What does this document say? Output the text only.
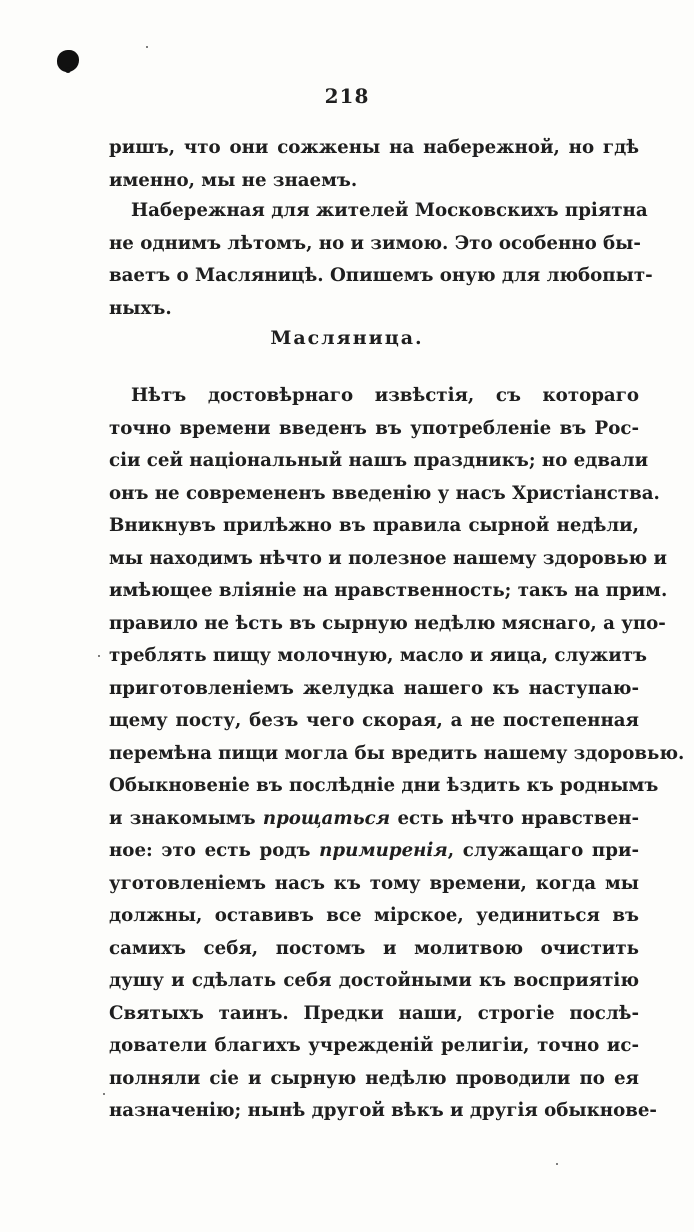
218
ришъ, что они сожжены на набережной, но гдѣ
именно, мы не знаемъ.
Набережная для жителей Московскихъ пріятна
не однимъ лѣтомъ, но и зимою. Это особенно бы-
ваетъ о Масляницѣ. Опишемъ оную для любопыт-
ныхъ.
Масляница.
Нѣтъ достовѣрнаго извѣстія, съ котораго
точно времени введенъ въ употребленіе въ Рос-
сіи сей національный нашъ праздникъ; но едвали
онъ не современенъ введенію у насъ Христіанства.
Вникнувъ прилѣжно въ правила сырной недѣли,
мы находимъ нѣчто и полезное нашему здоровью и
имѣющее вліяніе на нравственность; такъ на прим.
правило не ѣсть въ сырную недѣлю мяснаго, а упо-
треблять пищу молочную, масло и яица, служитъ
приготовленіемъ желудка нашего къ наступаю-
щему посту, безъ чего скорая, а не постепенная
перемѣна пищи могла бы вредить нашему здоровью.
Обыкновеніе въ послѣдніе дни ѣздить къ роднымъ
и знакомымъ прощаться есть нѣчто нравствен-
ное: это есть родъ примиренія, служащаго при-
уготовленіемъ насъ къ тому времени, когда мы
должны, оставивъ все мірское, уединиться въ
самихъ себя, постомъ и молитвою очистить
душу и сдѣлать себя достойными къ восприятію
Святыхъ таинъ. Предки наши, строгіе послѣ-
дователи благихъ учрежденій религіи, точно ис-
полняли сіе и сырную недѣлю проводили по ея
назначенію; нынѣ другой вѣкъ и другія обыкнове-
